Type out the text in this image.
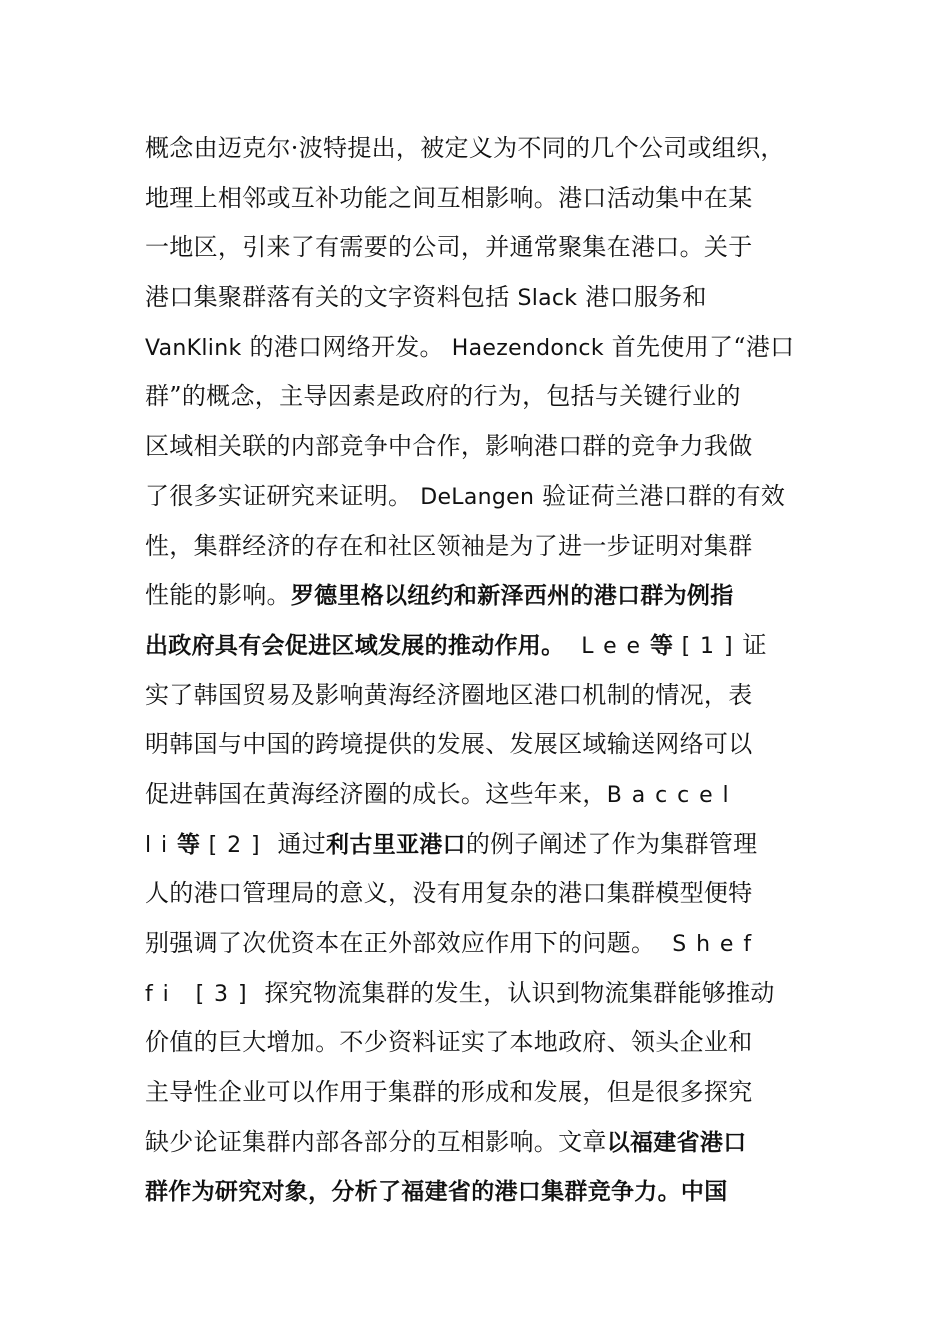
概念由迈克尔·波特提出，被定义为不同的几个公司或组织，
地理上相邻或互补功能之间互相影响。港口活动集中在某
一地区，引来了有需要的公司，并通常聚集在港口。关于
港口集聚群落有关的文字资料包括 Slack 港口服务和
VanKlink 的港口网络开发。 Haezendonck 首先使用了“港口
群”的概念，主导因素是政府的行为，包括与关键行业的
区域相关联的内部竞争中合作，影响港口群的竞争力我做
了很多实证研究来证明。 DeLangen 验证荷兰港口群的有效
性，集群经济的存在和社区领袖是为了进一步证明对集群
性能的影响。罗德里格以纽约和新泽西州的港口群为例指
出政府具有会促进区域发展的推动作用。 Lee等 [1]证
实了韩国贸易及影响黄海经济圈地区港口机制的情况，表
明韩国与中国的跨境提供的发展、发展区域输送网络可以
促进韩国在黄海经济圈的成长。这些年来，Baccel
li等 [2] 通过利古里亚港口的例子阐述了作为集群管理
人的港口管理局的意义，没有用复杂的港口集群模型便特
别强调了次优资本在正外部效应作用下的问题。 Shef
fi [3] 探究物流集群的发生，认识到物流集群能够推动
价值的巨大增加。不少资料证实了本地政府、领头企业和
主导性企业可以作用于集群的形成和发展，但是很多探究
缺少论证集群内部各部分的互相影响。文章以福建省港口
群作为研究对象，分析了福建省的港口集群竞争力。中国
